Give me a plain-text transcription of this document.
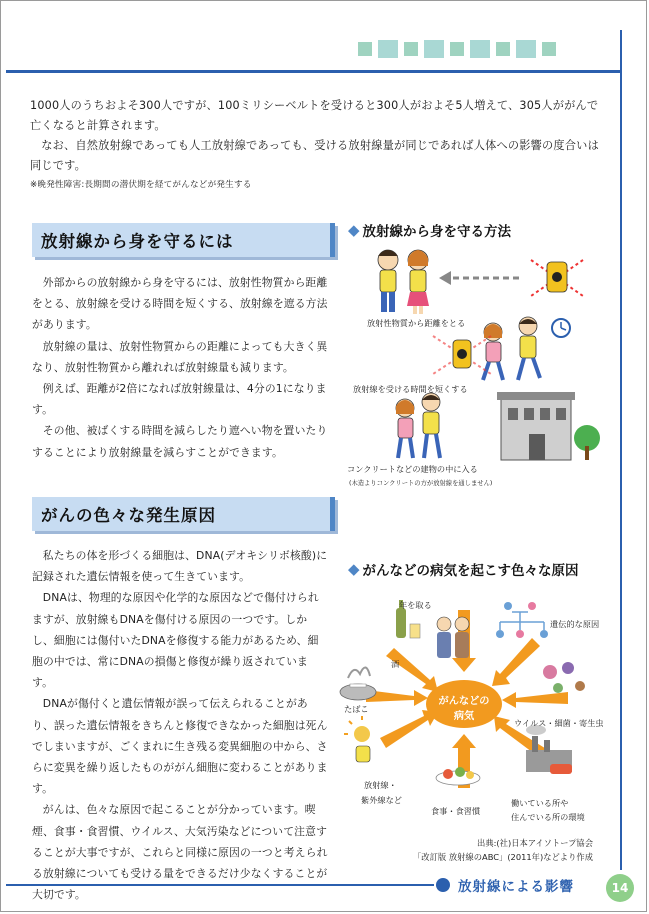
1000人のうちおよそ300人ですが、100ミリシーベルトを受けると300人がおよそ5人増えて、305人ががんで亡くなると計算されます。

なお、自然放射線であっても人工放射線であっても、受ける放射線量が同じであれば人体への影響の度合いは同じです。

※晩発性障害:長期間の潜伏期を経てがんなどが発生する

放射線から身を守るには

外部からの放射線から身を守るには、放射性物質から距離をとる、放射線を受ける時間を短くする、放射線を遮る方法があります。

放射線の量は、放射性物質からの距離によっても大きく異なり、放射性物質から離れれば放射線量も減ります。

例えば、距離が2倍になれば放射線量は、4分の1になります。

その他、被ばくする時間を減らしたり遮へい物を置いたりすることにより放射線量を減らすことができます。

◆ 放射線から身を守る方法
放射性物質から距離をとる
放射線を受ける時間を短くする
コンクリートなどの建物の中に入る
(木造よりコンクリートの方が放射線を通しません)
がんの色々な発生原因

私たちの体を形づくる細胞は、DNA(デオキシリボ核酸)に記録された遺伝情報を使って生きています。

DNAは、物理的な原因や化学的な原因などで傷付けられますが、放射線もDNAを傷付ける原因の一つです。しかし、細胞には傷付いたDNAを修復する能力があるため、細胞の中では、常にDNAの損傷と修復が繰り返されています。

DNAが傷付くと遺伝情報が誤って伝えられることがあり、誤った遺伝情報をきちんと修復できなかった細胞は死んでしまいますが、ごくまれに生き残る変異細胞の中から、さらに変異を繰り返したものががん細胞に変わることがあります。

がんは、色々な原因で起こることが分かっています。喫煙、食事・食習慣、ウイルス、大気汚染などについて注意することが大事ですが、これらと同様に原因の一つと考えられる放射線についても受ける量をできるだけ少なくすることが大切です。

◆ がんなどの病気を起こす色々な原因
がんなどの
病気
年を取る
遺伝的な原因
酒
たばこ
ウイルス・細菌・寄生虫
放射線・
紫外線など
食事・食習慣
働いている所や
住んでいる所の環境
出典:(社)日本アイソトープ協会
「改訂版 放射線のABC」(2011年)などより作成
放射線による影響	14
